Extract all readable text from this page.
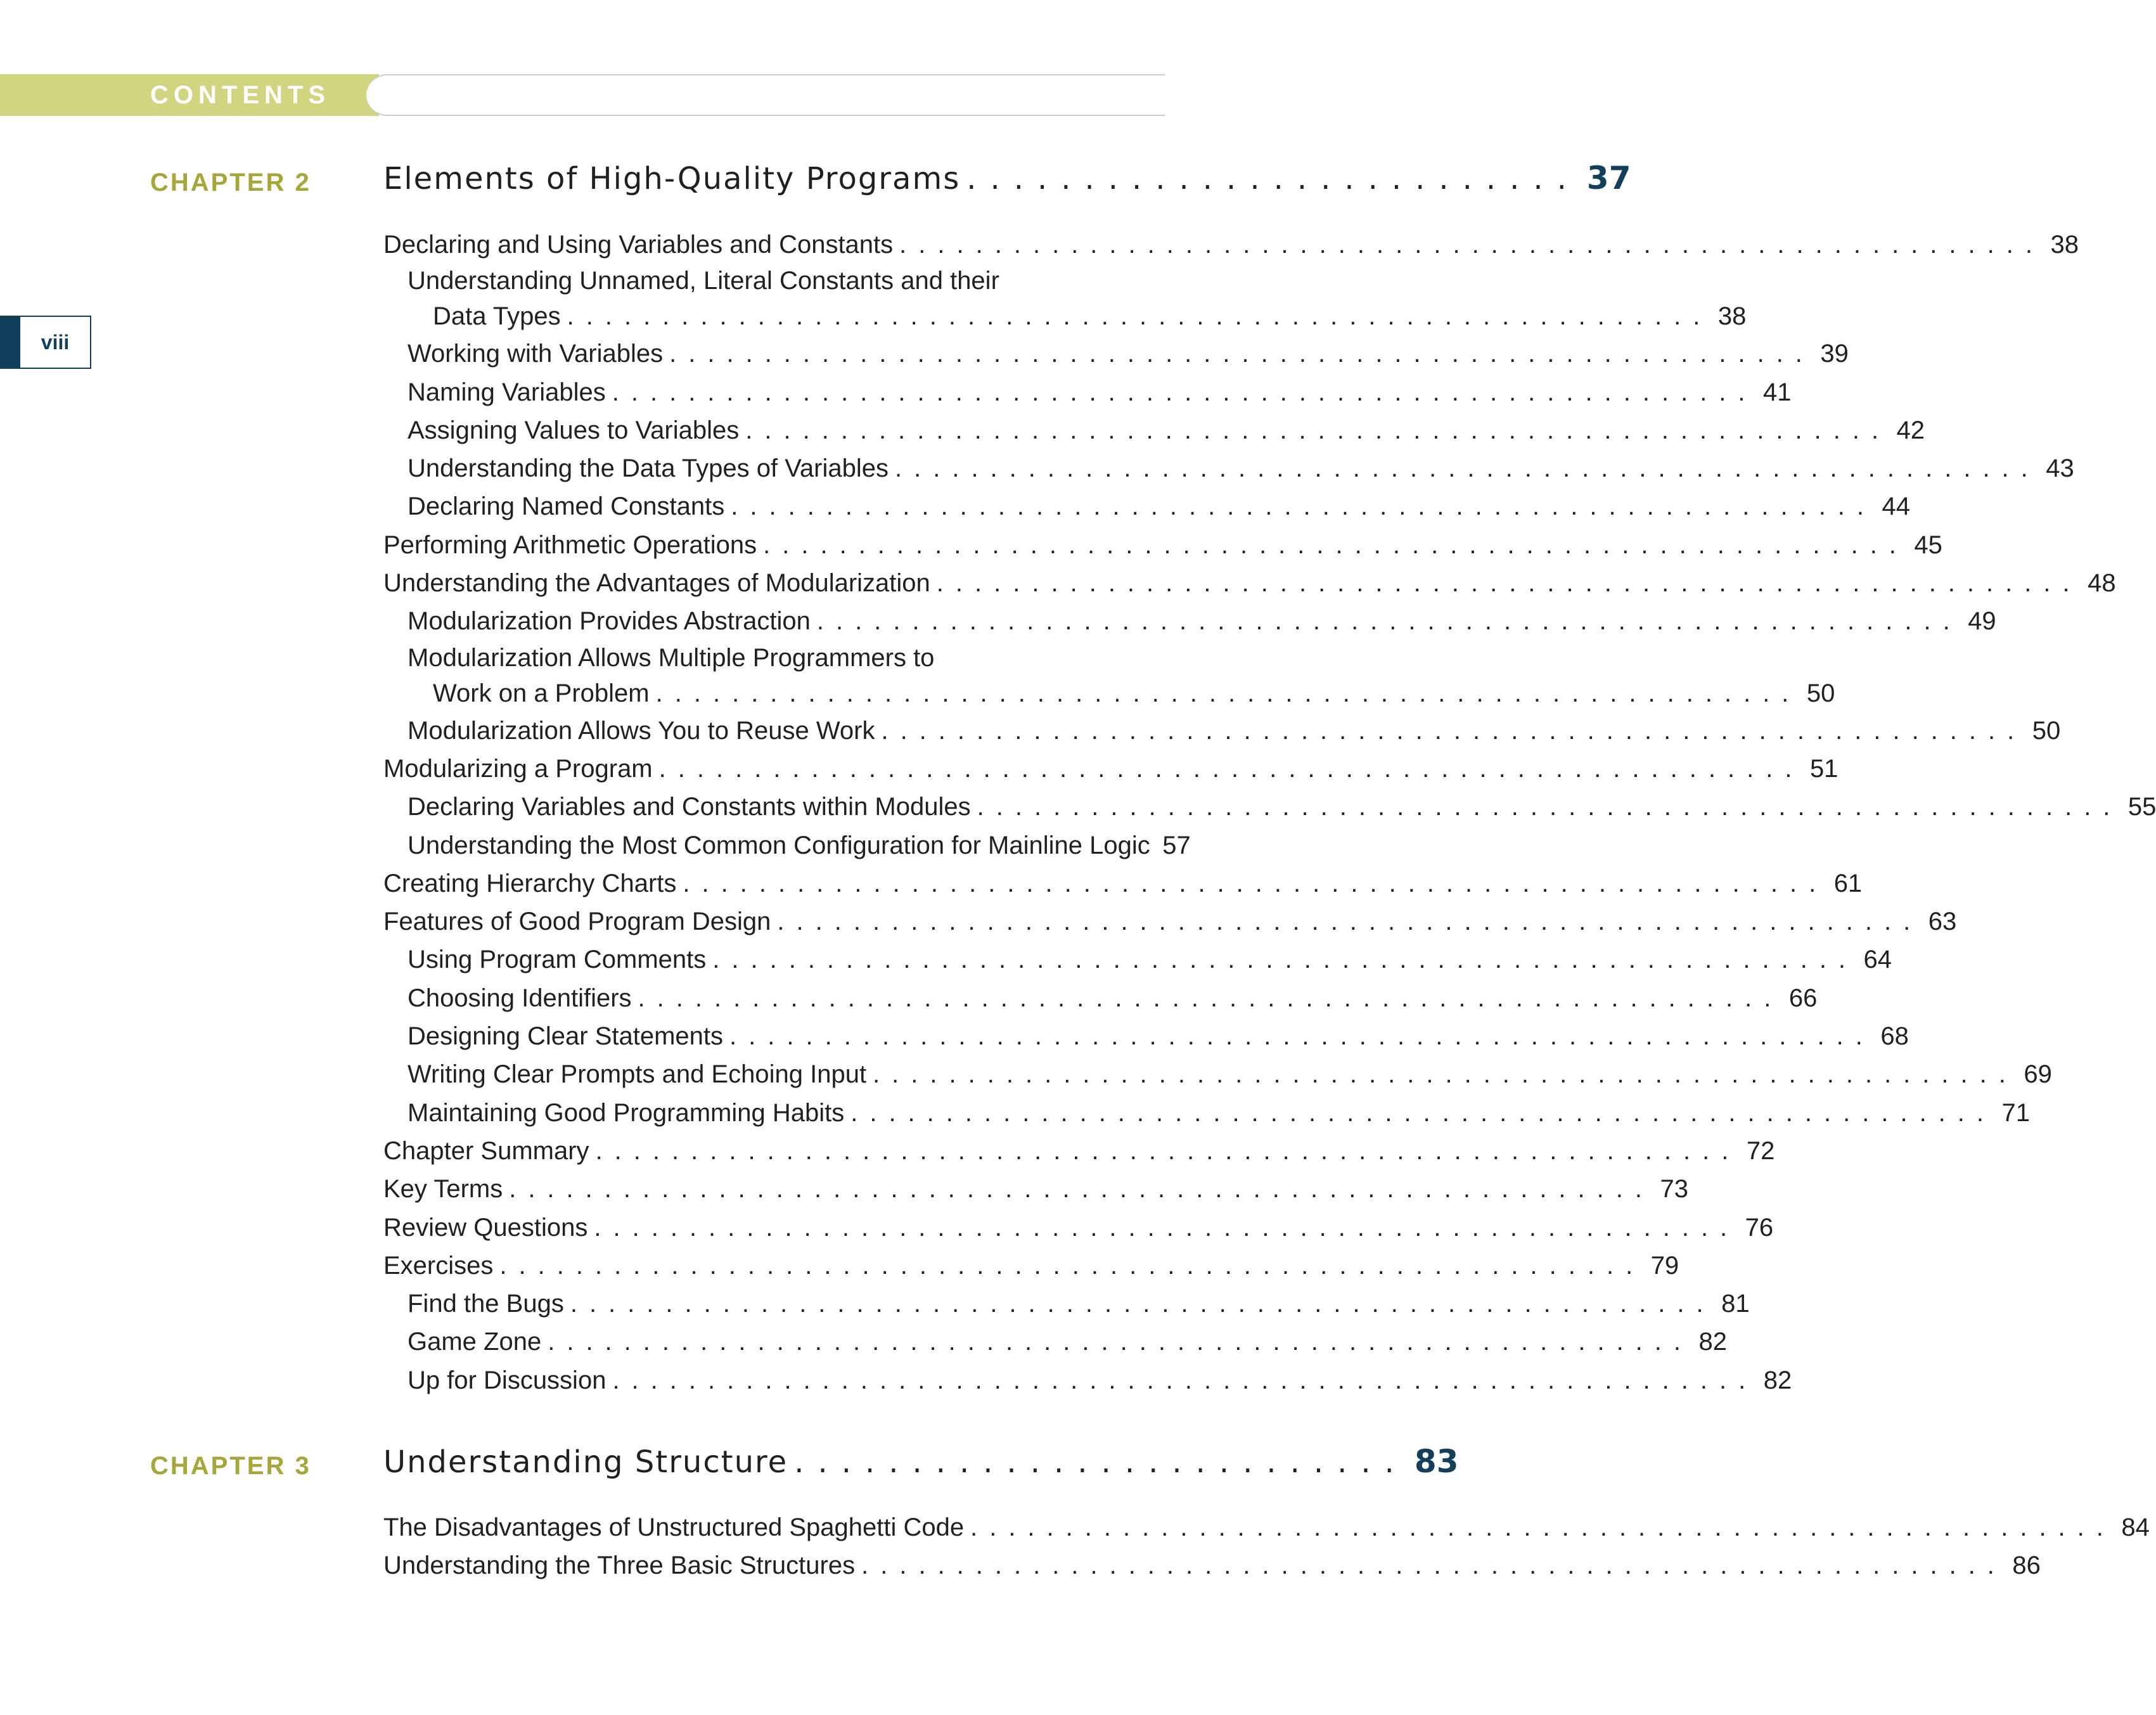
CONTENTS
viii
CHAPTER 2 Elements of High-Quality Programs .......................... 37
Declaring and Using Variables and Constants ............................................................ 38
Understanding Unnamed, Literal Constants and their
Data Types ............................................................ 38
Working with Variables ............................................................ 39
Naming Variables ............................................................ 41
Assigning Values to Variables ............................................................ 42
Understanding the Data Types of Variables ............................................................ 43
Declaring Named Constants ............................................................ 44
Performing Arithmetic Operations ............................................................ 45
Understanding the Advantages of Modularization ............................................................ 48
Modularization Provides Abstraction ............................................................ 49
Modularization Allows Multiple Programmers to
Work on a Problem ............................................................ 50
Modularization Allows You to Reuse Work ............................................................ 50
Modularizing a Program ............................................................ 51
Declaring Variables and Constants within Modules ............................................................ 55
Understanding the Most Common Configuration for Mainline Logic 57
Creating Hierarchy Charts ............................................................ 61
Features of Good Program Design ............................................................ 63
Using Program Comments ............................................................ 64
Choosing Identifiers ............................................................ 66
Designing Clear Statements ............................................................ 68
Writing Clear Prompts and Echoing Input ............................................................ 69
Maintaining Good Programming Habits ............................................................ 71
Chapter Summary ............................................................ 72
Key Terms ............................................................ 73
Review Questions ............................................................ 76
Exercises ............................................................ 79
Find the Bugs ............................................................ 81
Game Zone ............................................................ 82
Up for Discussion ............................................................ 82
CHAPTER 3 Understanding Structure .......................... 83
The Disadvantages of Unstructured Spaghetti Code ............................................................ 84
Understanding the Three Basic Structures ............................................................ 86
